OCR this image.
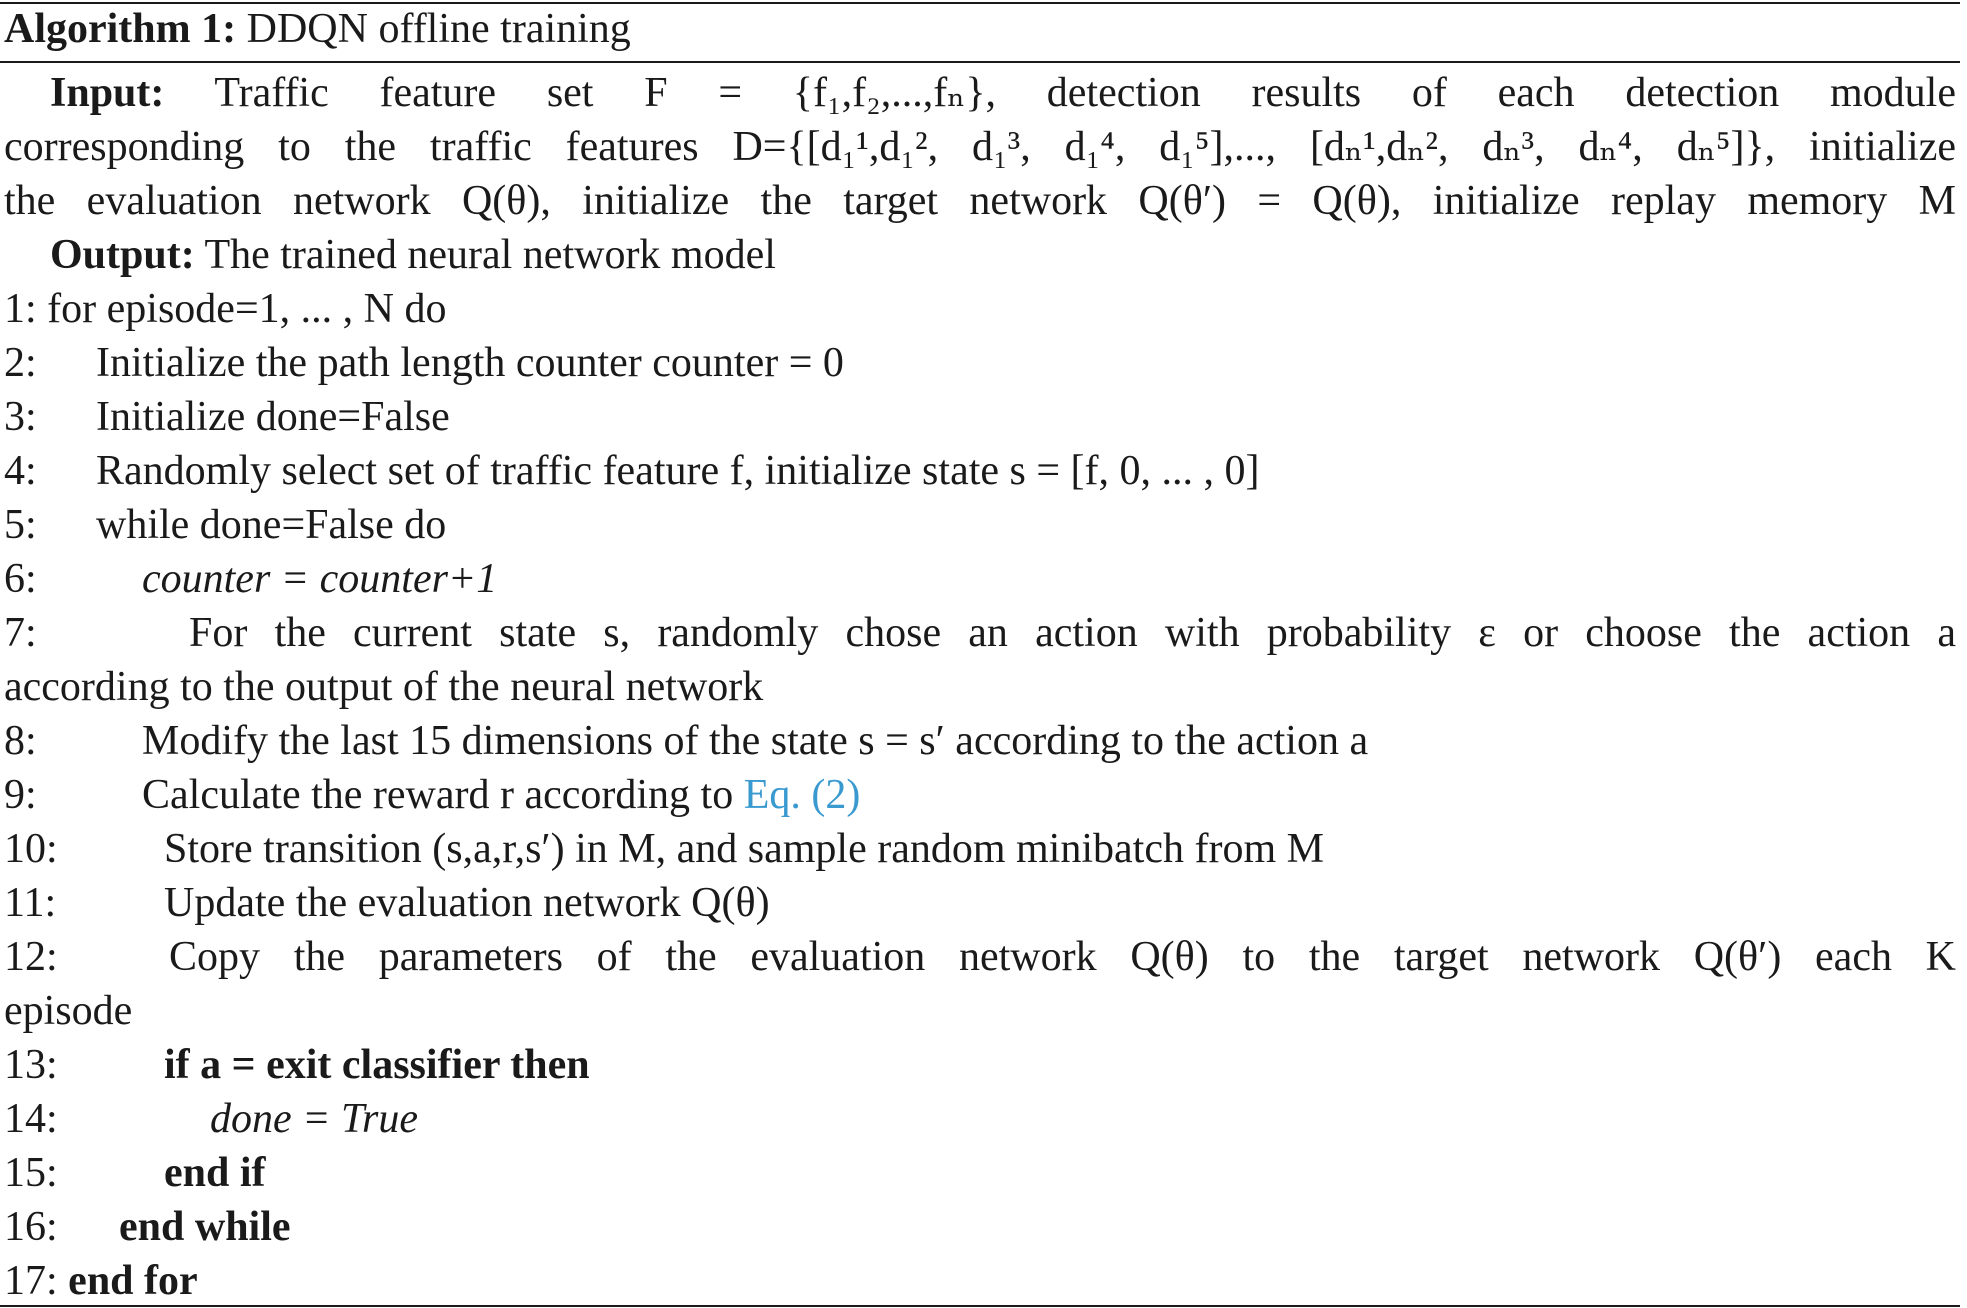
Algorithm 1: DDQN offline training
Input: Traffic feature set F = {f₁,f₂,...,fₙ}, detection results of each detection module
corresponding to the traffic features D={[d₁¹,d₁², d₁³, d₁⁴, d₁⁵],..., [dₙ¹,dₙ², dₙ³, dₙ⁴, dₙ⁵]}, initialize
the evaluation network Q(θ), initialize the target network Q(θ′) = Q(θ), initialize replay memory M
Output: The trained neural network model
1: for episode=1, ... , N do
2: Initialize the path length counter counter = 0
3: Initialize done=False
4: Randomly select set of traffic feature f, initialize state s = [f, 0, ... , 0]
5: while done=False do
6:	counter = counter+1
7:	For the current state s, randomly chose an action with probability ε or choose the action a
according to the output of the neural network
8:	Modify the last 15 dimensions of the state s = s′ according to the action a
9:	Calculate the reward r according to Eq. (2)
10:	Store transition (s,a,r,s′) in M, and sample random minibatch from M
11:	Update the evaluation network Q(θ)
12:	Copy the parameters of the evaluation network Q(θ) to the target network Q(θ′) each K
episode
13:	if a = exit classifier then
14:	done = True
15:	end if
16: end while
17: end for
